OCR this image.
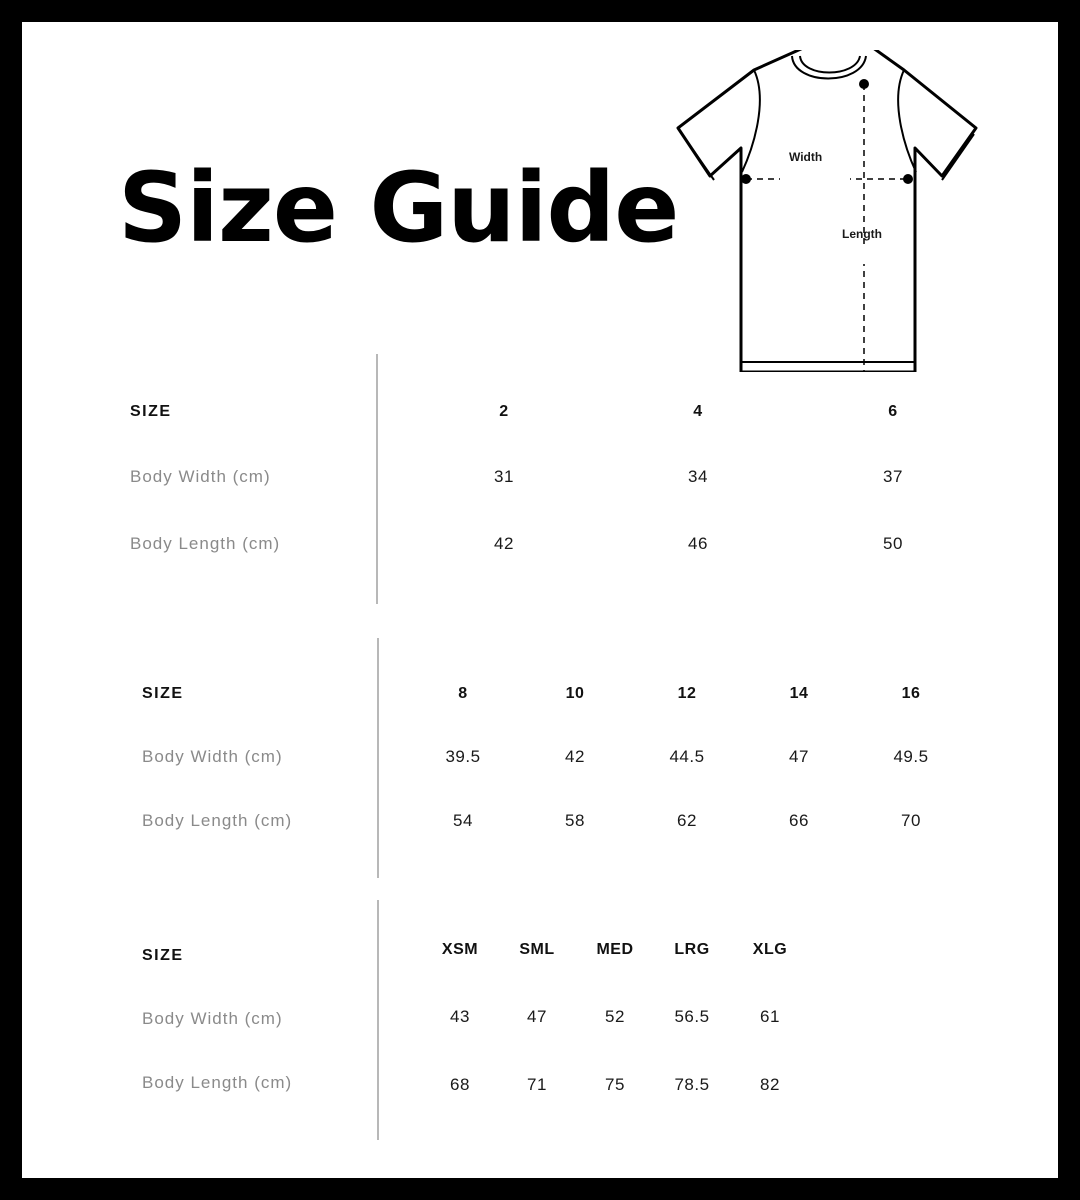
Size Guide	Width
Length
SIZE	2	4	6
Body Width (cm)	31	34	37
Body Length (cm)	42	46	50
SIZE	8	10	12	14	16
Body Width (cm)	39.5	42	44.5	47	49.5
Body Length (cm)	54	58	62	66	70
SIZE	XSM	SML	MED	LRG	XLG
Body Width (cm)	43	47	52	56.5	61
Body Length (cm)	68	71	75	78.5	82
